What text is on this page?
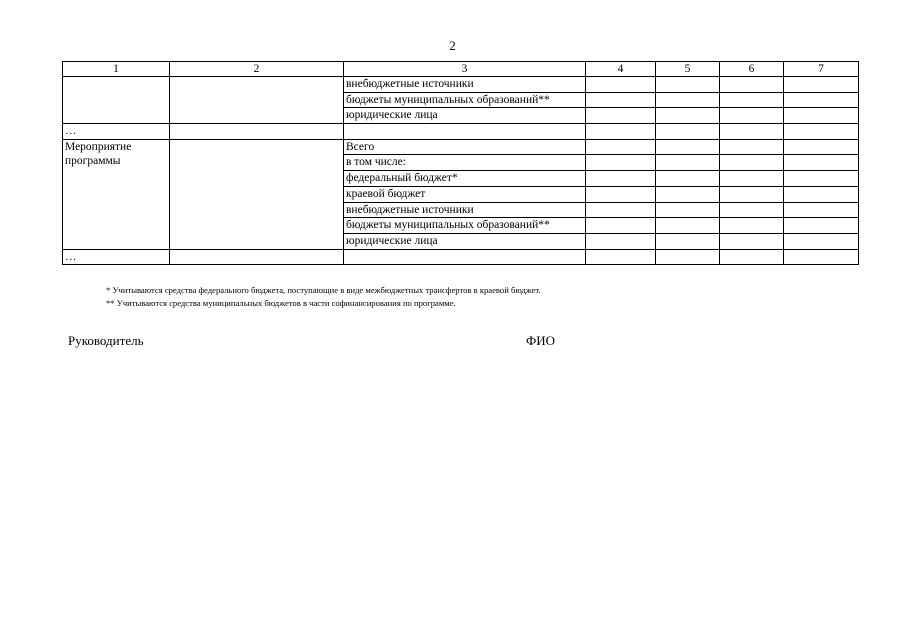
2
1	2	3	4	5	6	7
		внебюджетные источники				
		бюджеты муниципальных образований**				
		юридические лица				
…						
Мероприятие программы		Всего				
		в том числе:				
		федеральный бюджет*				
		краевой бюджет				
		внебюджетные источники				
		бюджеты муниципальных образований**				
		юридические лица				
…						
* Учитываются средства федерального бюджета, поступающие в виде межбюджетных трансфертов в краевой бюджет.
** Учитываются средства муниципальных бюджетов в части софинансирования по программе.
Руководитель	ФИО
